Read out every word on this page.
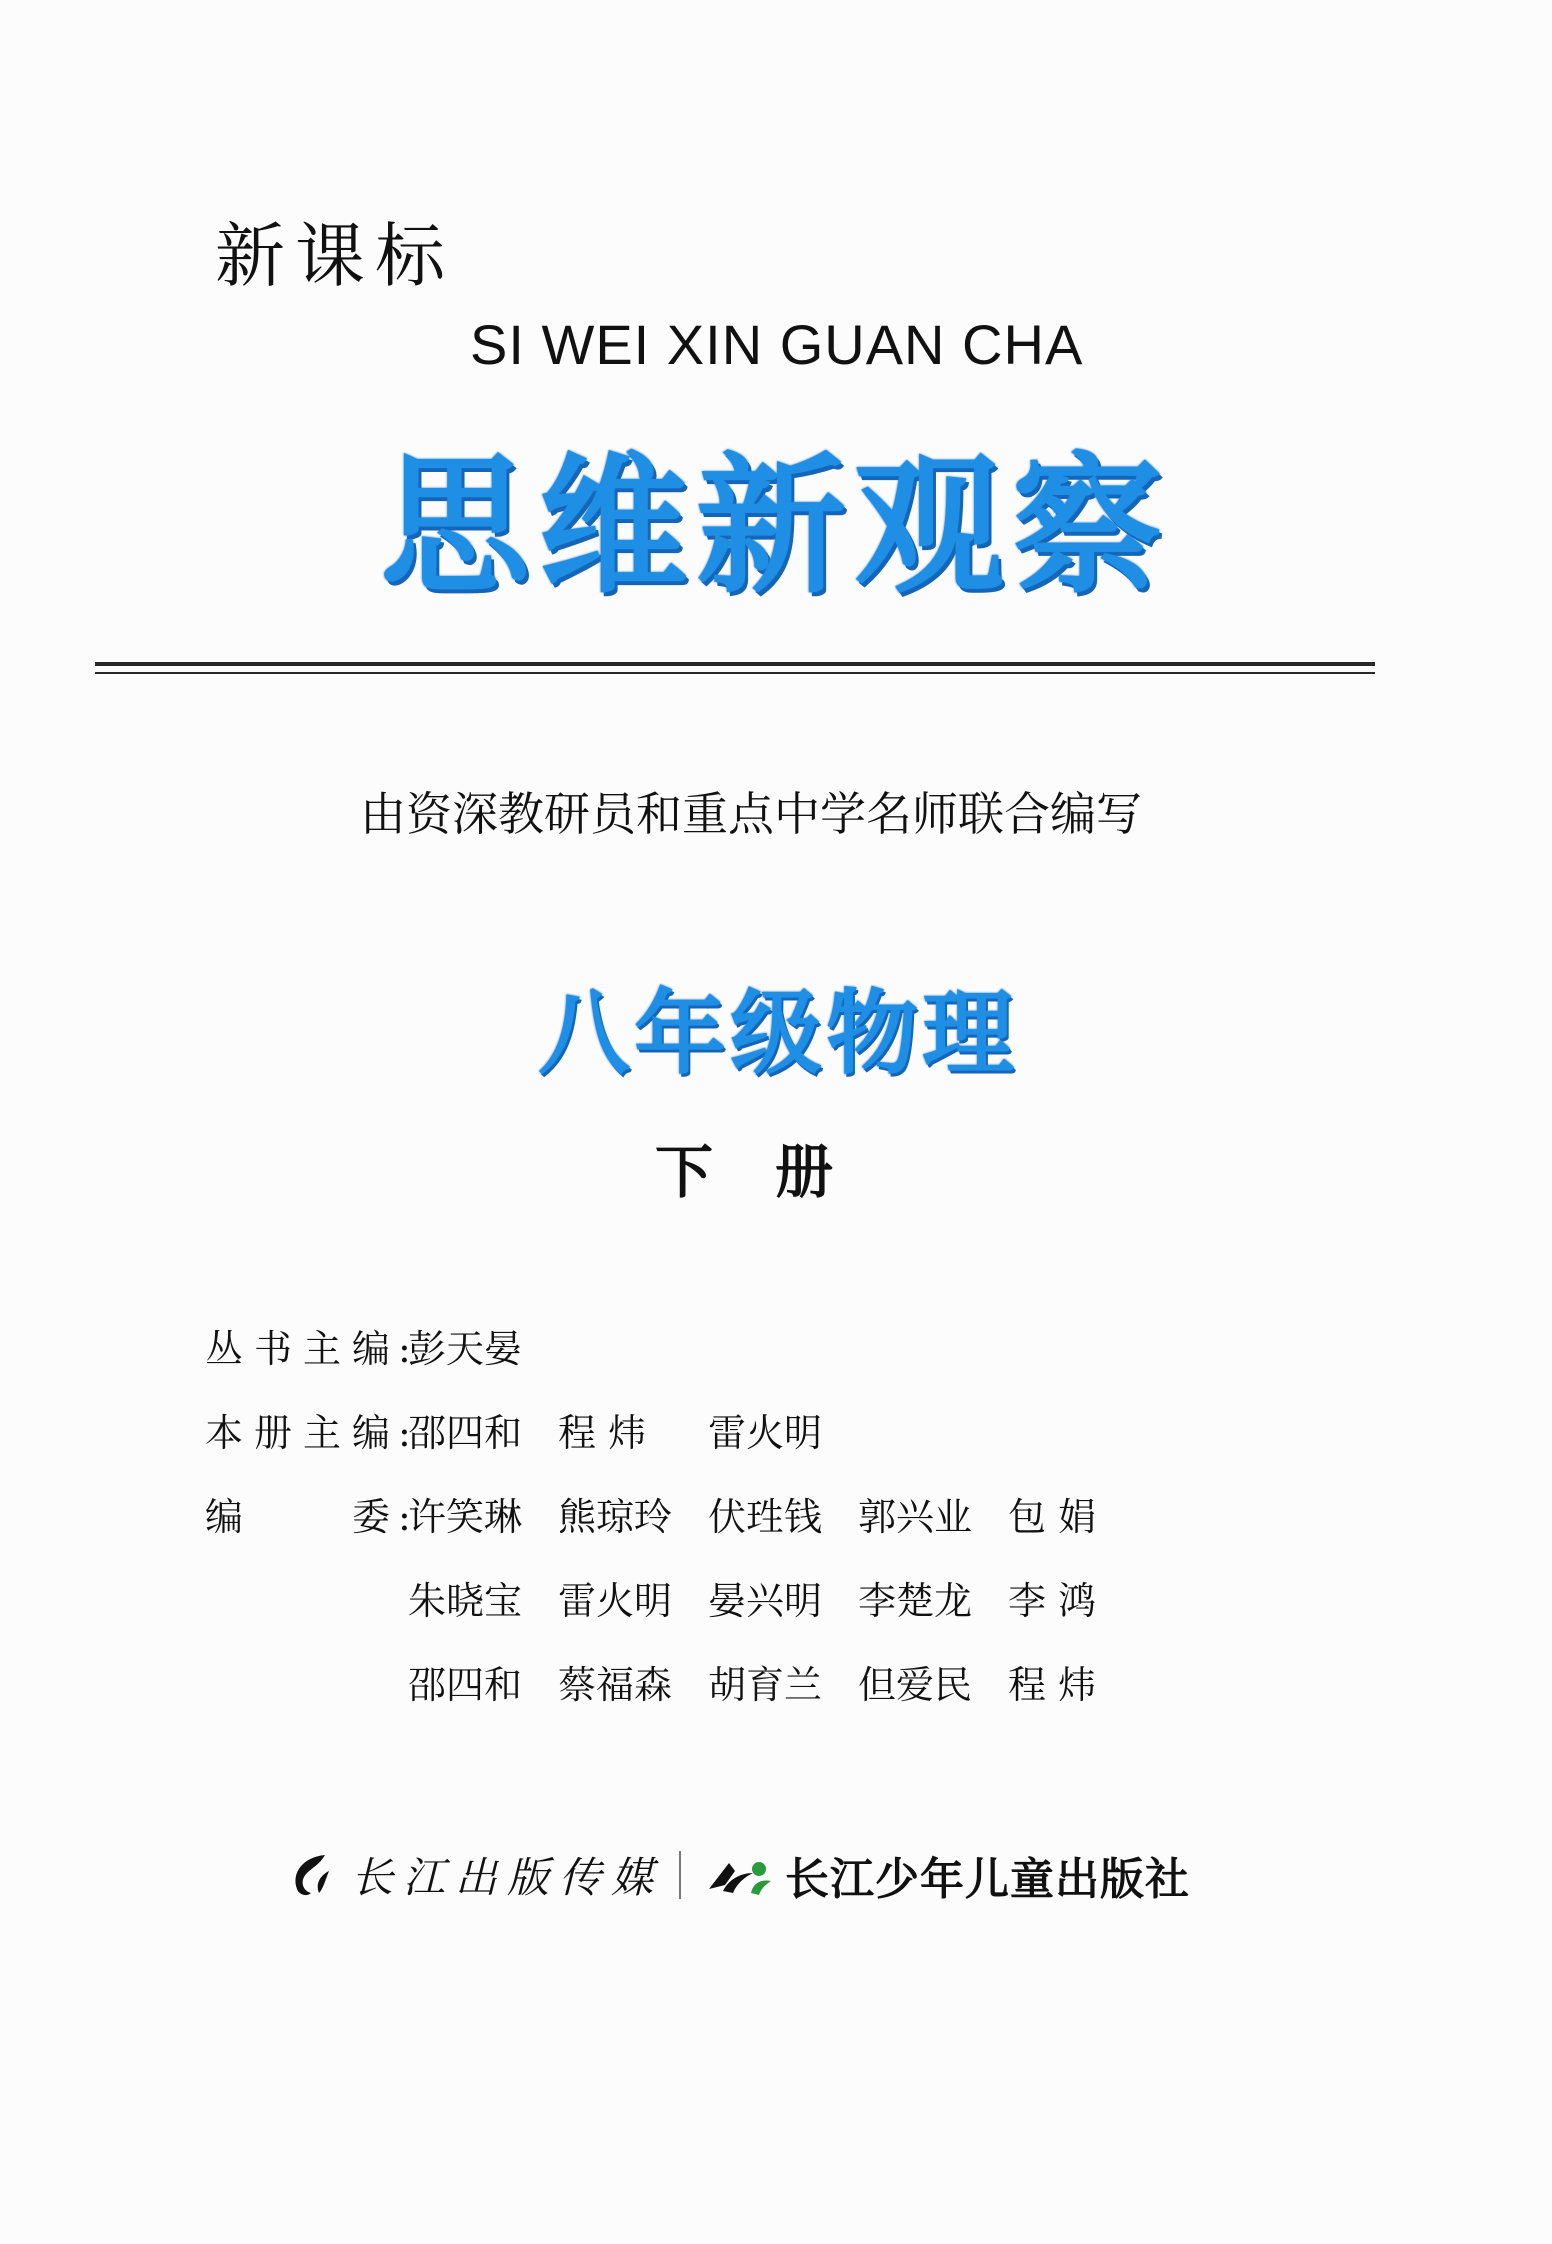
新课标
SI WEI XIN GUAN CHA
思维新观察
由资深教研员和重点中学名师联合编写
八年级物理
下册
丛书主编 :
彭天晏
本册主编 :
邵四和 程 炜	雷火明
编委 :
许笑琳 熊琼玲 伏珄钱 郭兴业 包 娟
朱晓宝 雷火明 晏兴明 李楚龙 李 鸿
邵四和 蔡福森 胡育兰 但爱民 程 炜
长江出版传媒	长江少年儿童出版社
